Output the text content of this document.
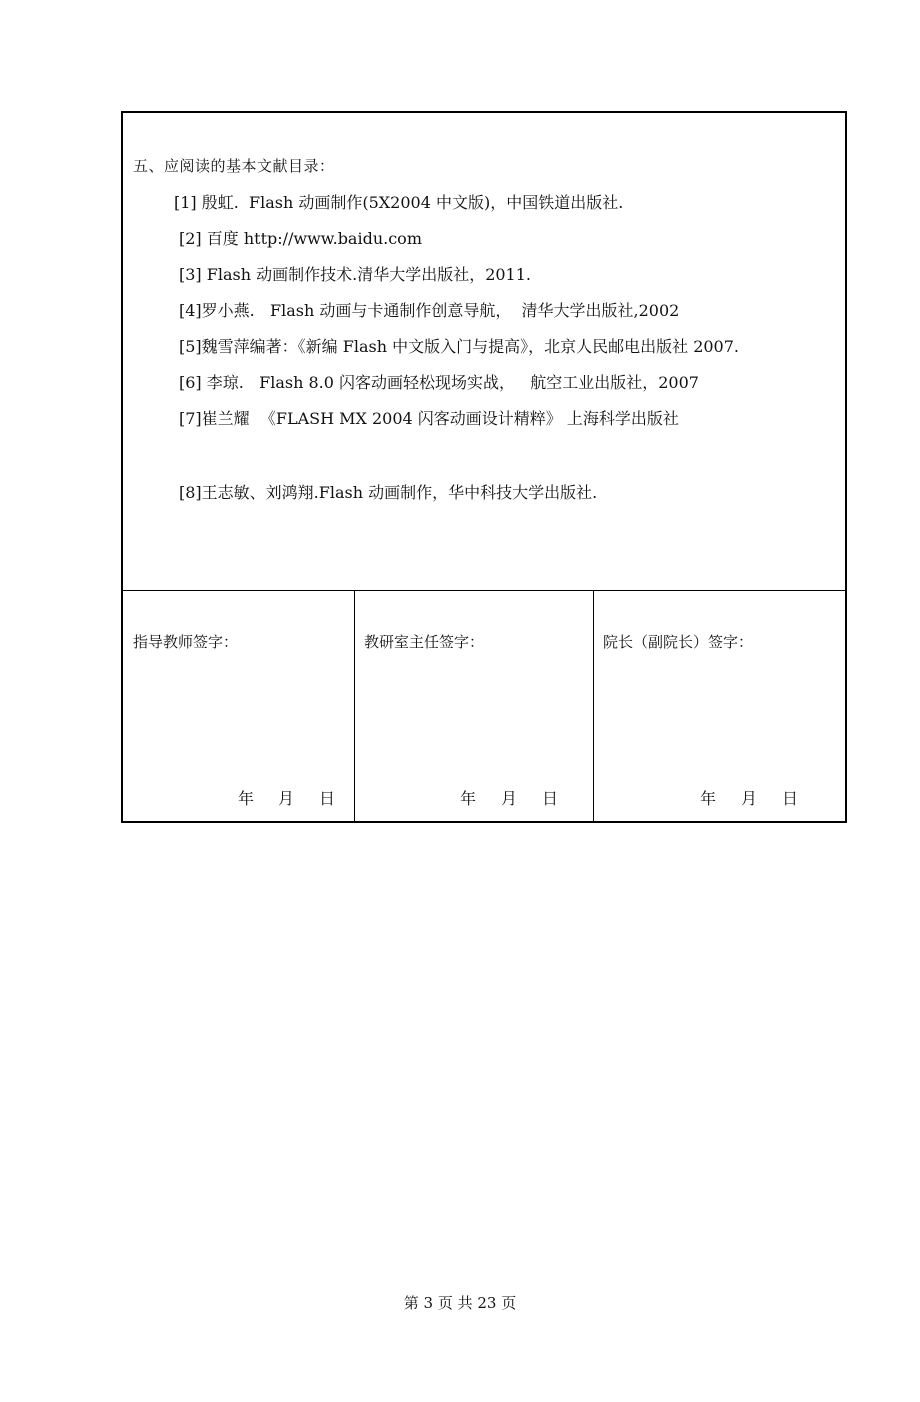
五、应阅读的基本文献目录：
[1] 殷虹.  Flash 动画制作(5X2004 中文版)，中国铁道出版社.
[2] 百度 http://www.baidu.com
[3] Flash 动画制作技术.清华大学出版社，2011.
[4]罗小燕.   Flash 动画与卡通制作创意导航，  清华大学出版社,2002
[5]魏雪萍编著：《新编 Flash 中文版入门与提高》，北京人民邮电出版社 2007.
[6] 李琼.   Flash 8.0 闪客动画轻松现场实战，   航空工业出版社，2007
[7]崔兰耀  《FLASH MX 2004 闪客动画设计精粹》 上海科学出版社
[8]王志敏、刘鸿翔.Flash 动画制作，华中科技大学出版社.
指导教师签字：
年 月 日
教研室主任签字：
年 月 日
院长（副院长）签字：
年 月 日
第 3 页 共 23 页
